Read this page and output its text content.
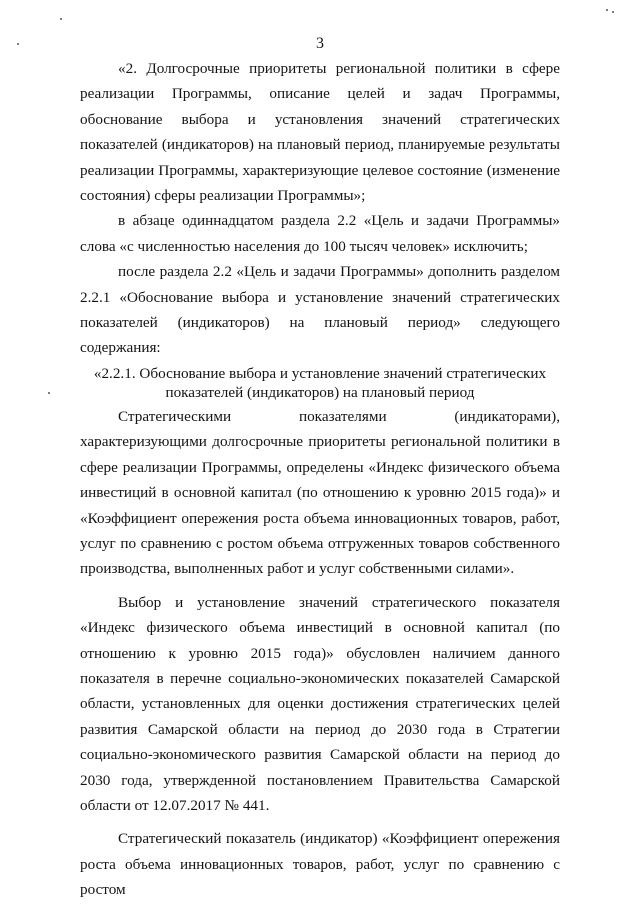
3

«2. Долгосрочные приоритеты региональной политики в сфере реализации Программы, описание целей и задач Программы, обоснование выбора и установления значений стратегических показателей (индикаторов) на плановый период, планируемые результаты реализации Программы, характеризующие целевое состояние (изменение состояния) сферы реализации Программы»;

в абзаце одиннадцатом раздела 2.2 «Цель и задачи Программы» слова «с численностью населения до 100 тысяч человек» исключить;

после раздела 2.2 «Цель и задачи Программы» дополнить разделом 2.2.1 «Обоснование выбора и установление значений стратегических показателей (индикаторов) на плановый период» следующего содержания:

«2.2.1. Обоснование выбора и установление значений стратегических показателей (индикаторов) на плановый период

Стратегическими показателями (индикаторами), характеризующими долгосрочные приоритеты региональной политики в сфере реализации Программы, определены «Индекс физического объема инвестиций в основной капитал (по отношению к уровню 2015 года)» и «Коэффициент опережения роста объема инновационных товаров, работ, услуг по сравнению с ростом объема отгруженных товаров собственного производства, выполненных работ и услуг собственными силами».

Выбор и установление значений стратегического показателя «Индекс физического объема инвестиций в основной капитал (по отношению к уровню 2015 года)» обусловлен наличием данного показателя в перечне социально-экономических показателей Самарской области, установленных для оценки достижения стратегических целей развития Самарской области на период до 2030 года в Стратегии социально-экономического развития Самарской области на период до 2030 года, утвержденной постановлением Правительства Самарской области от 12.07.2017 № 441.

Стратегический показатель (индикатор) «Коэффициент опережения роста объема инновационных товаров, работ, услуг по сравнению с ростом
